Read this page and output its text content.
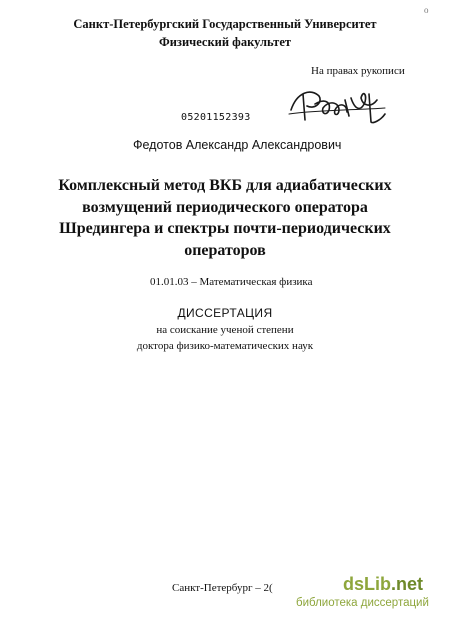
o
Санкт-Петербургский Государственный Университет
Физический факультет
На правах рукописи
05201152393
Федотов Александр Александрович
Комплексный метод ВКБ для адиабатических
возмущений периодического оператора
Шредингера и спектры почти-периодических
операторов
01.01.03 – Математическая физика
ДИССЕРТАЦИЯ
на соискание ученой степени
доктора физико-математических наук
Санкт-Петербург – 2(	dsLib.net
библиотека диссертаций
